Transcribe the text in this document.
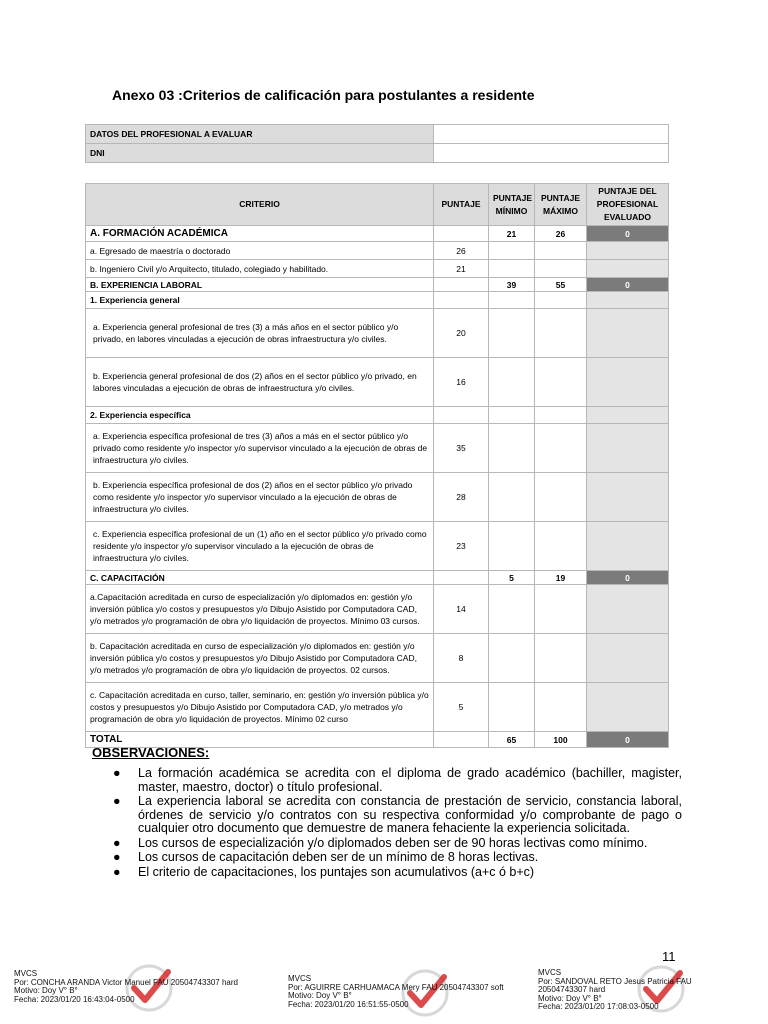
Anexo 03 :Criterios de calificación para postulantes a residente
DATOS DEL PROFESIONAL A EVALUAR	
DNI	
CRITERIO	PUNTAJE	PUNTAJE MÍNIMO	PUNTAJE MÁXIMO	PUNTAJE DEL PROFESIONAL EVALUADO
A. FORMACIÓN ACADÉMICA		21	26	0
a. Egresado de maestría o doctorado	26			
b. Ingeniero Civil y/o Arquitecto, titulado, colegiado y habilitado.	21			
B. EXPERIENCIA LABORAL		39	55	0
1. Experiencia general				
a. Experiencia general profesional de tres (3) a más años en el sector público y/o privado, en labores vinculadas a ejecución de obras infraestructura y/o civiles.	20			
b. Experiencia general profesional de dos (2) años en el sector público y/o privado, en labores vinculadas a ejecución de obras de infraestructura y/o civiles.	16			
2. Experiencia específica				
a. Experiencia específica profesional de tres (3) años a más en el sector público y/o privado como residente y/o inspector y/o supervisor vinculado a la ejecución de obras de infraestructura y/o civiles.	35			
b. Experiencia específica profesional de dos (2) años en el sector público y/o privado como residente y/o inspector y/o supervisor vinculado a la ejecución de obras de infraestructura y/o civiles.	28			
c. Experiencia específica profesional de un (1) año en el sector público y/o privado como residente y/o inspector y/o supervisor vinculado a la ejecución de obras de infraestructura y/o civiles.	23			
C. CAPACITACIÓN		5	19	0
a.Capacitación acreditada en curso de especialización y/o diplomados en: gestión y/o inversión pública y/o costos y presupuestos y/o Dibujo Asistido por Computadora CAD, y/o metrados y/o programación de obra y/o liquidación de proyectos. Mínimo 03 cursos.	14			
b. Capacitación acreditada en curso de especialización y/o diplomados en: gestión y/o inversión pública y/o costos y presupuestos y/o Dibujo Asistido por Computadora CAD, y/o metrados y/o programación de obra y/o liquidación de proyectos. 02 cursos.	8			
c. Capacitación acreditada en curso, taller, seminario, en: gestión y/o inversión pública y/o costos y presupuestos y/o Dibujo Asistido por Computadora CAD, y/o metrados y/o programación de obra y/o liquidación de proyectos. Mínimo 02 curso	5			
TOTAL		65	100	0
OBSERVACIONES:
● La formación académica se acredita con el diploma de grado académico (bachiller, magister, master, maestro, doctor) o título profesional.
● La experiencia laboral se acredita con constancia de prestación de servicio, constancia laboral, órdenes de servicio y/o contratos con su respectiva conformidad y/o comprobante de pago o cualquier otro documento que demuestre de manera fehaciente la experiencia solicitada.
● Los cursos de especialización y/o diplomados deben ser de 90 horas lectivas como mínimo.
● Los cursos de capacitación deben ser de un mínimo de 8 horas lectivas.
● El criterio de capacitaciones, los puntajes son acumulativos (a+c ó b+c)
11
MVCS
Por: CONCHA ARANDA Victor Manuel FAU 20504743307 hard
Motivo: Doy V° B°
Fecha: 2023/01/20 16:43:04-0500
MVCS
Por: AGUIRRE CARHUAMACA Mery FAU 20504743307 soft
Motivo: Doy V° B°
Fecha: 2023/01/20 16:51:55-0500
MVCS
Por: SANDOVAL RETO Jesus Patricia FAU
20504743307 hard
Motivo: Doy V° B°
Fecha: 2023/01/20 17:08:03-0500
